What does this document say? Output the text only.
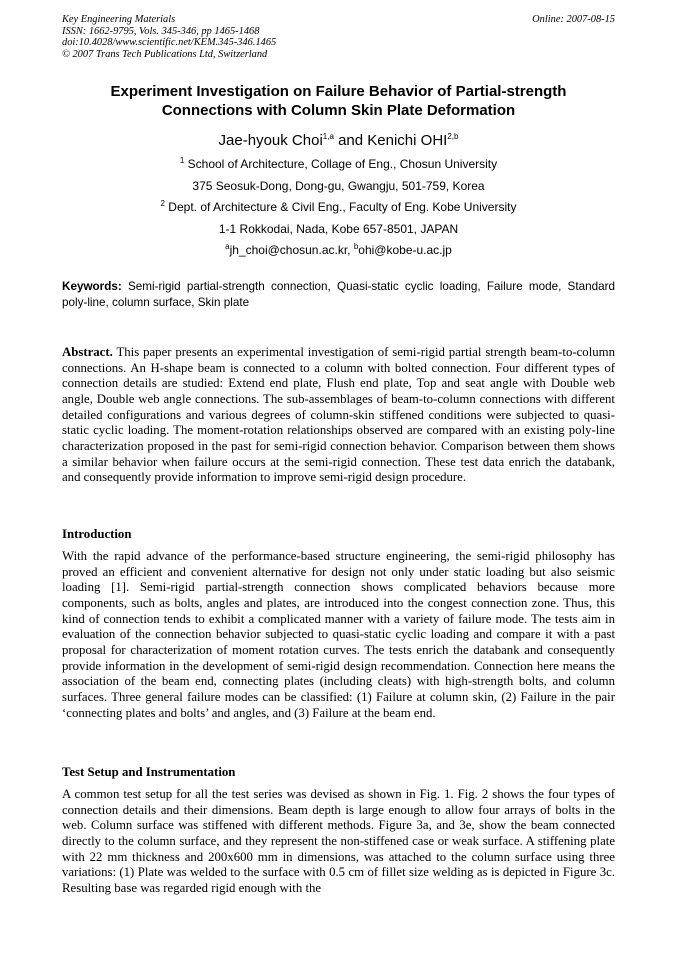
Key Engineering Materials
ISSN: 1662-9795, Vols. 345-346, pp 1465-1468
doi:10.4028/www.scientific.net/KEM.345-346.1465
© 2007 Trans Tech Publications Ltd, Switzerland
Online: 2007-08-15
Experiment Investigation on Failure Behavior of Partial-strength
Connections with Column Skin Plate Deformation
Jae-hyouk Choi$^{1,a}$ and Kenichi OHI$^{2,b}$
$^1$ School of Architecture, Collage of Eng., Chosun University
375 Seosuk-Dong, Dong-gu, Gwangju, 501-759, Korea
$^2$ Dept. of Architecture & Civil Eng., Faculty of Eng. Kobe University
1-1 Rokkodai, Nada, Kobe 657-8501, JAPAN
$^a$jh_choi@chosun.ac.kr, $^b$ohi@kobe-u.ac.jp
Keywords: Semi-rigid partial-strength connection, Quasi-static cyclic loading, Failure mode, Standard poly-line, column surface, Skin plate
Abstract. This paper presents an experimental investigation of semi-rigid partial strength beam-to-column connections. An H-shape beam is connected to a column with bolted connection. Four different types of connection details are studied: Extend end plate, Flush end plate, Top and seat angle with Double web angle, Double web angle connections. The sub-assemblages of beam-to-column connections with different detailed configurations and various degrees of column-skin stiffened conditions were subjected to quasi-static cyclic loading. The moment-rotation relationships observed are compared with an existing poly-line characterization proposed in the past for semi-rigid connection behavior. Comparison between them shows a similar behavior when failure occurs at the semi-rigid connection. These test data enrich the databank, and consequently provide information to improve semi-rigid design procedure.
Introduction
With the rapid advance of the performance-based structure engineering, the semi-rigid philosophy has proved an efficient and convenient alternative for design not only under static loading but also seismic loading [1]. Semi-rigid partial-strength connection shows complicated behaviors because more components, such as bolts, angles and plates, are introduced into the congest connection zone. Thus, this kind of connection tends to exhibit a complicated manner with a variety of failure mode. The tests aim in evaluation of the connection behavior subjected to quasi-static cyclic loading and compare it with a past proposal for characterization of moment rotation curves. The tests enrich the databank and consequently provide information in the development of semi-rigid design recommendation. Connection here means the association of the beam end, connecting plates (including cleats) with high-strength bolts, and column surfaces. Three general failure modes can be classified: (1) Failure at column skin, (2) Failure in the pair ‘connecting plates and bolts’ and angles, and (3) Failure at the beam end.
Test Setup and Instrumentation
A common test setup for all the test series was devised as shown in Fig. 1. Fig. 2 shows the four types of connection details and their dimensions. Beam depth is large enough to allow four arrays of bolts in the web. Column surface was stiffened with different methods. Figure 3a, and 3e, show the beam connected directly to the column surface, and they represent the non-stiffened case or weak surface. A stiffening plate with 22 mm thickness and 200x600 mm in dimensions, was attached to the column surface using three variations: (1) Plate was welded to the surface with 0.5 cm of fillet size welding as is depicted in Figure 3c. Resulting base was regarded rigid enough with the
